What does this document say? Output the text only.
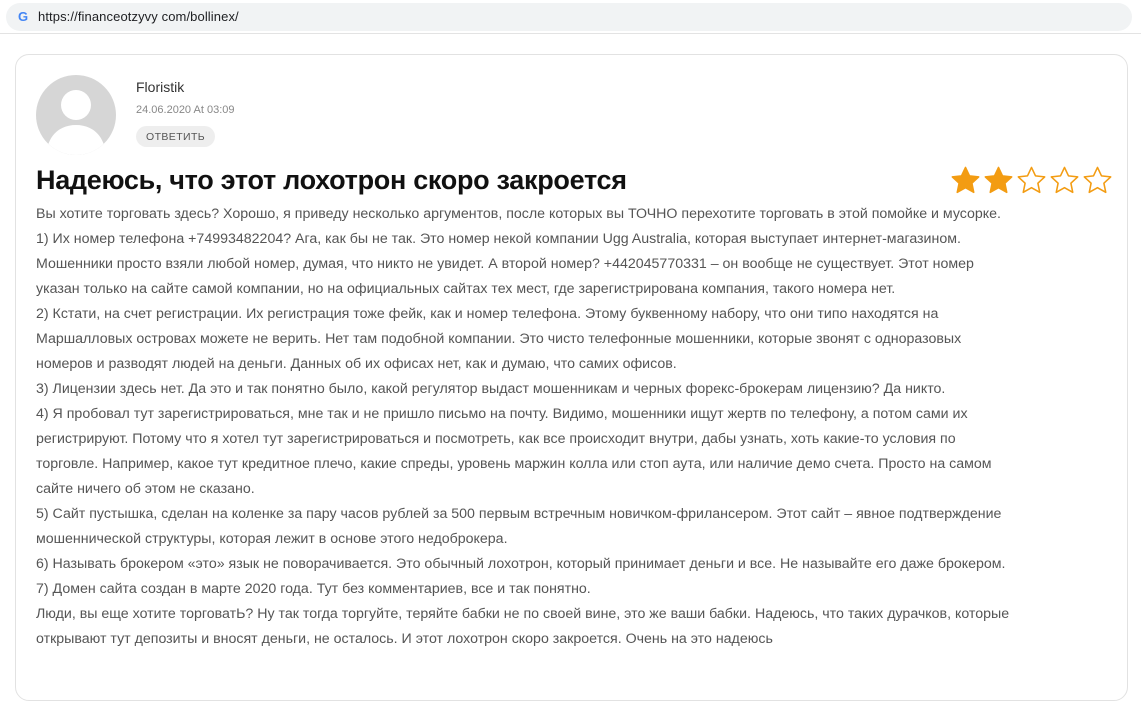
G https://financeotzyvy com/bollinex/
Floristik
24.06.2020 At 03:09
ОТВЕТИТЬ
Надеюсь, что этот лохотрон скоро закроется

Вы хотите торговать здесь? Хорошо, я приведу несколько аргументов, после которых вы ТОЧНО перехотите торговать в этой помойке и мусорке.

1) Их номер телефона +74993482204? Ага, как бы не так. Это номер некой компании Ugg Australia, которая выступает интернет-магазином.

Мошенники просто взяли любой номер, думая, что никто не увидет. А второй номер? +442045770331 – он вообще не существует. Этот номер

указан только на сайте самой компании, но на официальных сайтах тех мест, где зарегистрирована компания, такого номера нет.

2) Кстати, на счет регистрации. Их регистрация тоже фейк, как и номер телефона. Этому буквенному набору, что они типо находятся на

Маршалловых островах можете не верить. Нет там подобной компании. Это чисто телефонные мошенники, которые звонят с одноразовых

номеров и разводят людей на деньги. Данных об их офисах нет, как и думаю, что самих офисов.

3) Лицензии здесь нет. Да это и так понятно было, какой регулятор выдаст мошенникам и черных форекс-брокерам лицензию? Да никто.

4) Я пробовал тут зарегистрироваться, мне так и не пришло письмо на почту. Видимо, мошенники ищут жертв по телефону, а потом сами их

регистрируют. Потому что я хотел тут зарегистрироваться и посмотреть, как все происходит внутри, дабы узнать, хоть какие-то условия по

торговле. Например, какое тут кредитное плечо, какие спреды, уровень маржин колла или стоп аута, или наличие демо счета. Просто на самом

сайте ничего об этом не сказано.

5) Сайт пустышка, сделан на коленке за пару часов рублей за 500 первым встречным новичком-фрилансером. Этот сайт – явное подтверждение

мошеннической структуры, которая лежит в основе этого недоброкера.

6) Называть брокером «это» язык не поворачивается. Это обычный лохотрон, который принимает деньги и все. Не называйте его даже брокером.

7) Домен сайта создан в марте 2020 года. Тут без комментариев, все и так понятно.

Люди, вы еще хотите торговатЬ? Ну так тогда торгуйте, теряйте бабки не по своей вине, это же ваши бабки. Надеюсь, что таких дурачков, которые

открывают тут депозиты и вносят деньги, не осталось. И этот лохотрон скоро закроется. Очень на это надеюсь
